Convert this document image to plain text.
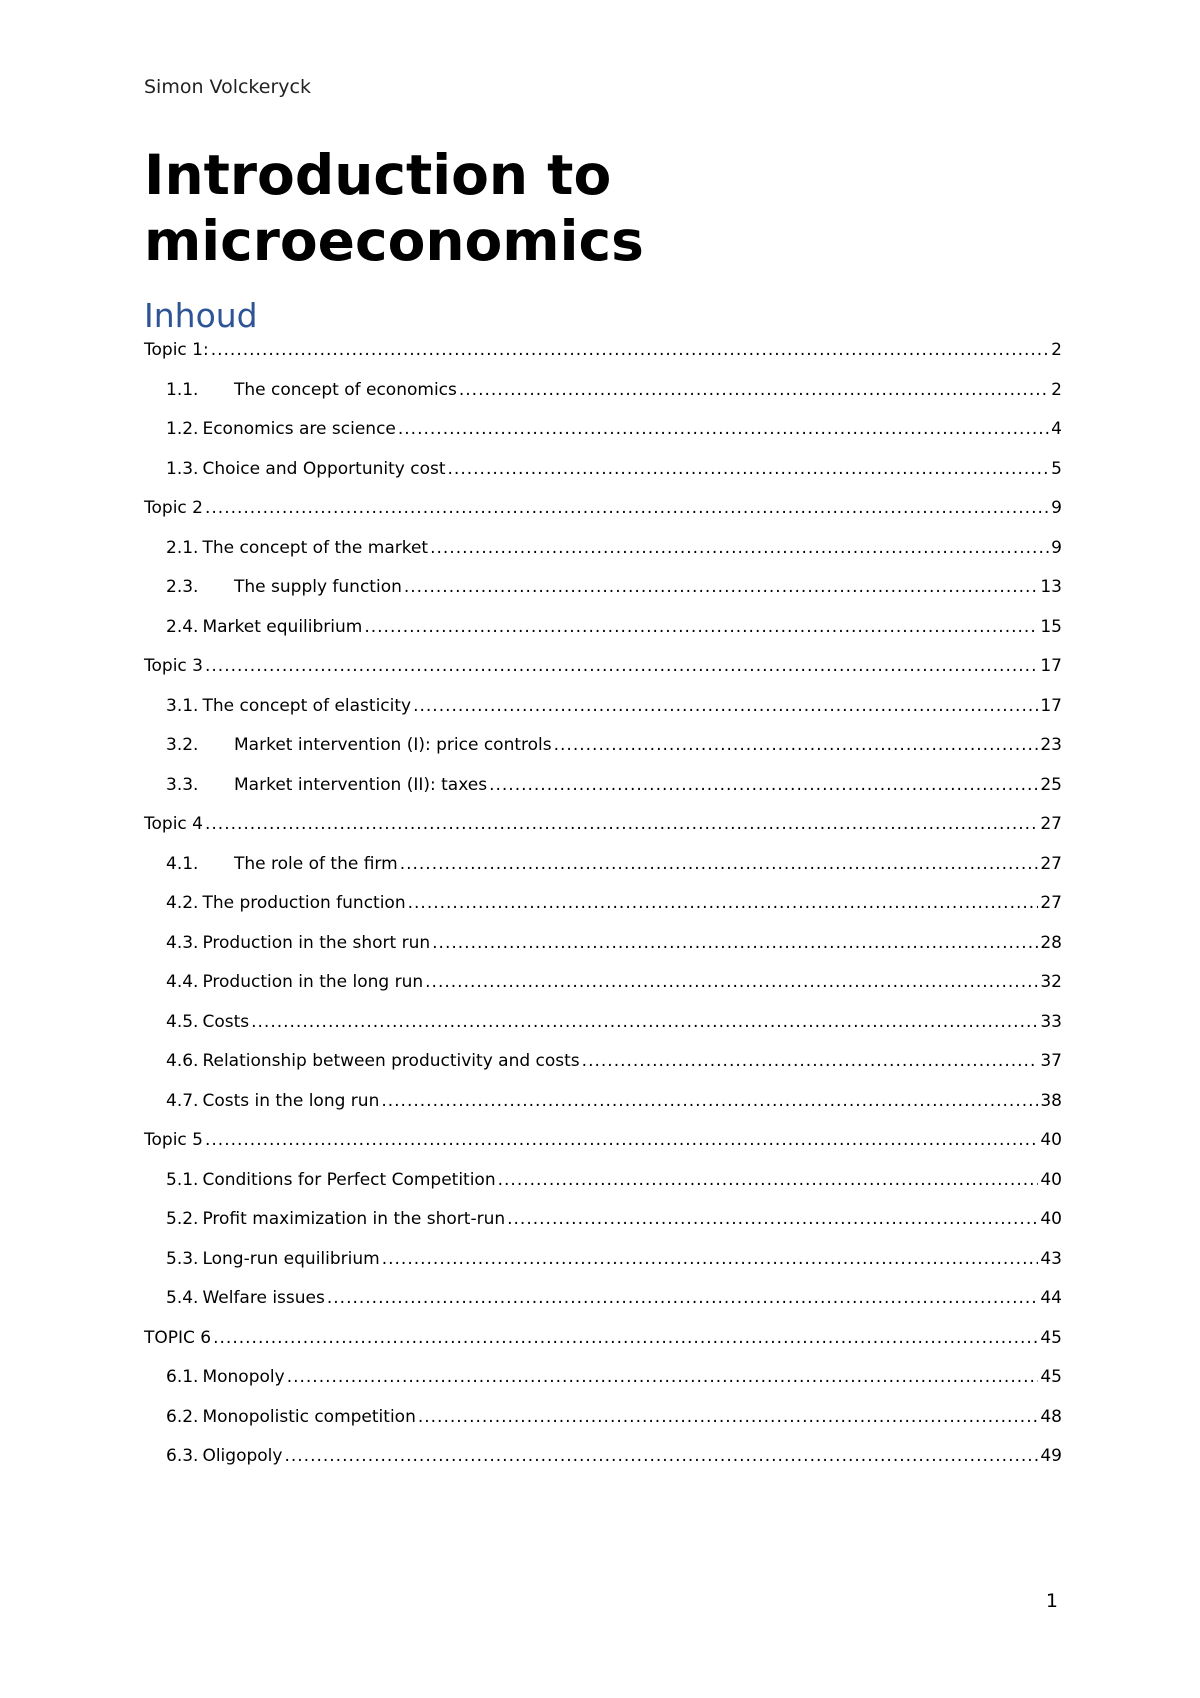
Simon Volckeryck
Introduction to microeconomics
Inhoud
Topic 1: .....	2
1.1.	The concept of economics .....	2
1.2. Economics are science .....	4
1.3. Choice and Opportunity cost .....	5
Topic 2 .....	9
2.1. The concept of the market .....	9
2.3.	The supply function .....	13
2.4. Market equilibrium .....	15
Topic 3 .....	17
3.1. The concept of elasticity .....	17
3.2.	Market intervention (I): price controls .....	23
3.3.	Market intervention (II): taxes .....	25
Topic 4 .....	27
4.1.	The role of the firm .....	27
4.2. The production function .....	27
4.3. Production in the short run .....	28
4.4. Production in the long run .....	32
4.5. Costs .....	33
4.6. Relationship between productivity and costs .....	37
4.7. Costs in the long run .....	38
Topic 5 .....	40
5.1. Conditions for Perfect Competition .....	40
5.2. Profit maximization in the short-run .....	40
5.3. Long-run equilibrium .....	43
5.4. Welfare issues .....	44
TOPIC 6 .....	45
6.1. Monopoly .....	45
6.2. Monopolistic competition .....	48
6.3. Oligopoly .....	49
1
